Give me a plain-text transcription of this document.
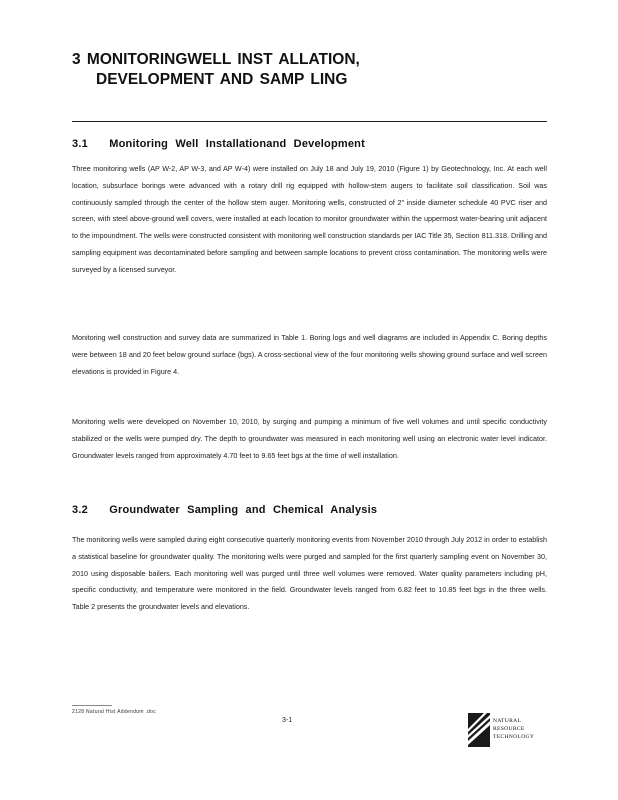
3 MONITORINGWELL INST ALLATION,
DEVELOPMENT AND SAMP LING
3.1 Monitoring Well Installationand Development

Three monitoring wells (AP W-2, AP W-3, and AP W-4) were installed on July 18 and July 19, 2010 (Figure 1) by Geotechnology, Inc. At each well location, subsurface borings were advanced with a rotary drill rig equipped with hollow-stem augers to facilitate soil classification. Soil was continuously sampled through the center of the hollow stem auger. Monitoring wells, constructed of 2" inside diameter schedule 40 PVC riser and screen, with steel above-ground well covers, were installed at each location to monitor groundwater within the uppermost water-bearing unit adjacent to the impoundment. The wells were constructed consistent with monitoring well construction standards per IAC Title 35, Section 811.318. Drilling and sampling equipment was decontaminated before sampling and between sample locations to prevent cross contamination. The monitoring wells were surveyed by a licensed surveyor.

Monitoring well construction and survey data are summarized in Table 1. Boring logs and well diagrams are included in Appendix C. Boring depths were between 18 and 20 feet below ground surface (bgs). A cross-sectional view of the four monitoring wells showing ground surface and well screen elevations is provided in Figure 4.

Monitoring wells were developed on November 10, 2010, by surging and pumping a minimum of five well volumes and until specific conductivity stabilized or the wells were pumped dry. The depth to groundwater was measured in each monitoring well using an electronic water level indicator. Groundwater levels ranged from approximately 4.70 feet to 9.65 feet bgs at the time of well installation.

3.2 Groundwater Sampling and Chemical Analysis

The monitoring wells were sampled during eight consecutive quarterly monitoring events from November 2010 through July 2012 in order to establish a statistical baseline for groundwater quality. The monitoring wells were purged and sampled for the first quarterly sampling event on November 30, 2010 using disposable bailers. Each monitoring well was purged until three well volumes were removed. Water quality parameters including pH, specific conductivity, and temperature were monitored in the field. Groundwater levels ranged from 6.82 feet to 10.85 feet bgs in the three wells. Table 2 presents the groundwater levels and elevations.

2128 Natural Hist Addendum .doc
3-1	NATURAL
RESOURCE
TECHNOLOGY
